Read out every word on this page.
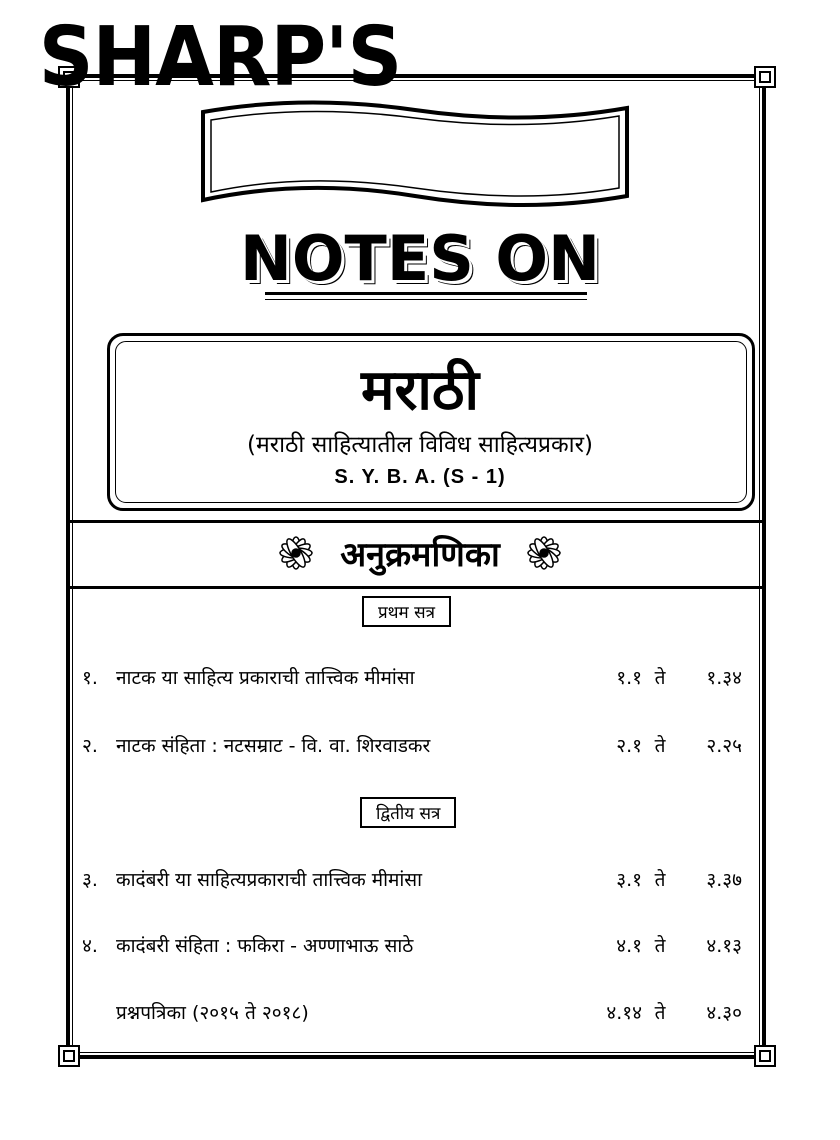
SHARP'S
NOTES ON
मराठी
(मराठी साहित्यातील विविध साहित्यप्रकार)
S. Y. B. A. (S - 1)
अनुक्रमणिका
प्रथम सत्र
१. नाटक या साहित्य प्रकाराची तात्त्विक मीमांसा	१.१ ते	१.३४
२. नाटक संहिता : नटसम्राट - वि. वा. शिरवाडकर	२.१ ते	२.२५
द्वितीय सत्र
३. कादंबरी या साहित्यप्रकाराची तात्त्विक मीमांसा	३.१ ते	३.३७
४. कादंबरी संहिता : फकिरा - अण्णाभाऊ साठे	४.१ ते	४.१३
प्रश्नपत्रिका (२०१५ ते २०१८)	४.१४ ते	४.३०
